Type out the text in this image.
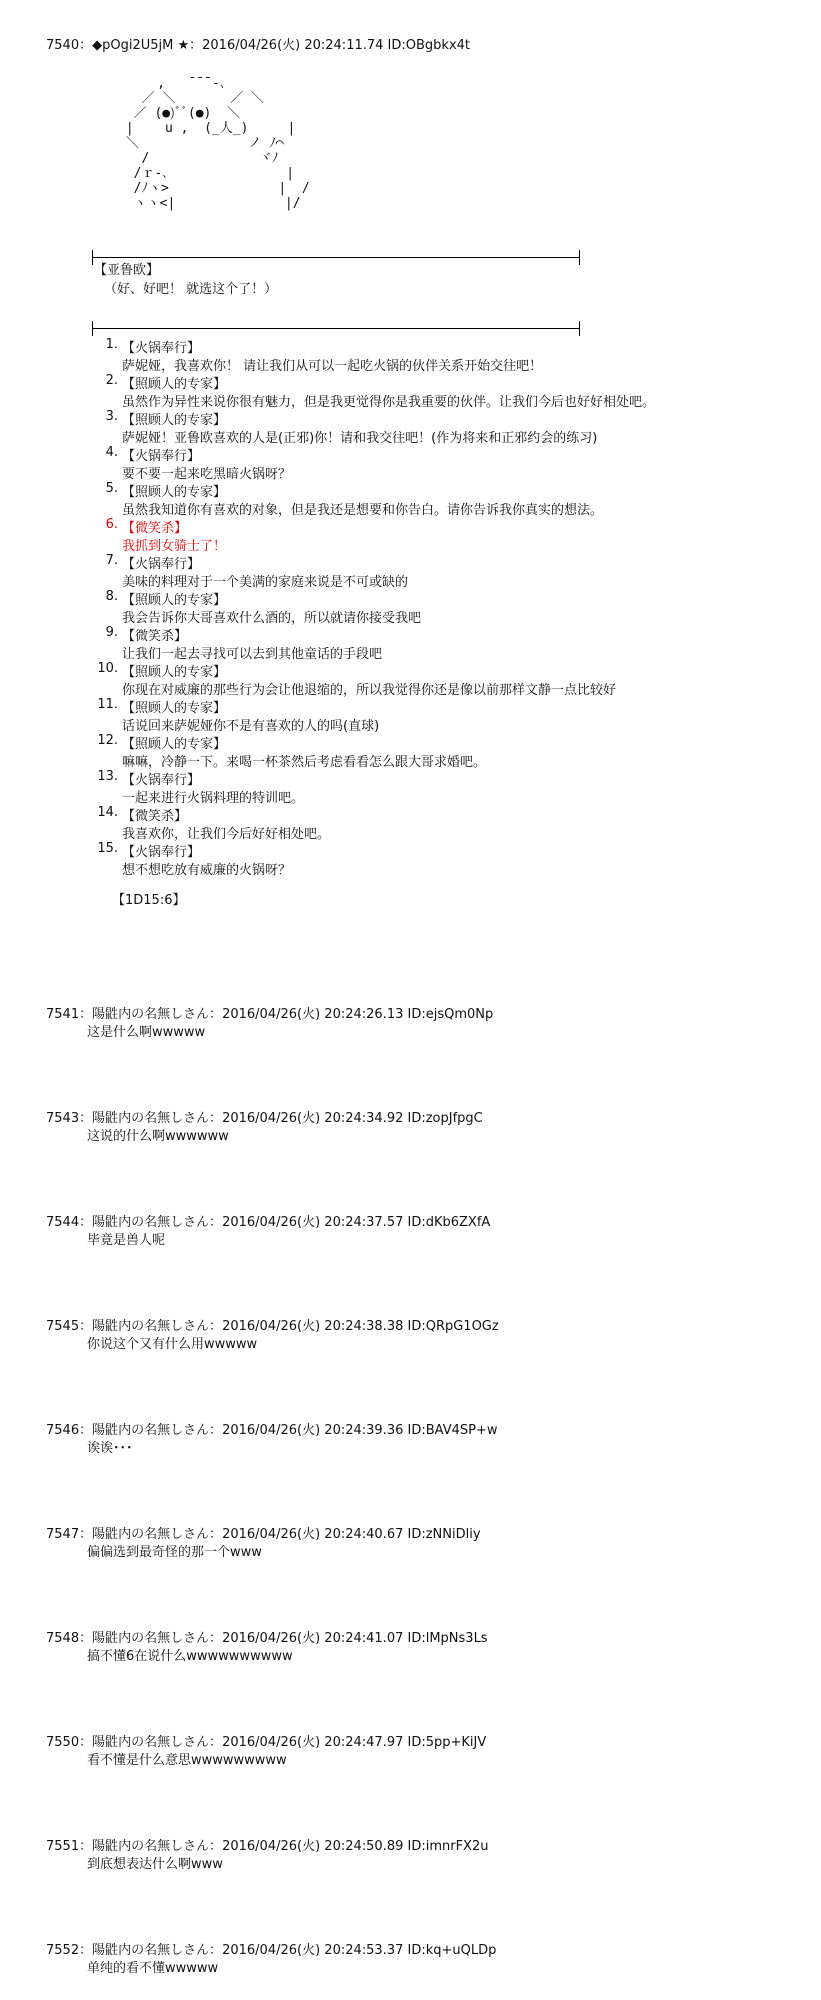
7540：◆pOgi2U5jM ★：2016/04/26(火) 20:24:11.74 ID:OBgbkx4t
,   ̄ ̄ ̄ ‐､
／ ＼       ／ ＼
／ (●)ﾞﾞ(●)  ＼
|    u ,  (_人_)     |
＼              ノ ﾉ⌒
/              ヾﾉ
/ｒ‐､               |
/ﾉヽ>              |  /
ヽヽ<|              |/
【亚鲁欧】
（好、好吧！ 就选这个了！）
1. 【火锅奉行】
萨妮娅，我喜欢你！ 请让我们从可以一起吃火锅的伙伴关系开始交往吧！
2. 【照顾人的专家】
虽然作为异性来说你很有魅力，但是我更觉得你是我重要的伙伴。让我们今后也好好相处吧。
3. 【照顾人的专家】
萨妮娅！亚鲁欧喜欢的人是(正邪)你！请和我交往吧！(作为将来和正邪约会的练习)
4. 【火锅奉行】
要不要一起来吃黑暗火锅呀？
5. 【照顾人的专家】
虽然我知道你有喜欢的对象，但是我还是想要和你告白。请你告诉我你真实的想法。
6. 【微笑杀】
我抓到女骑士了！
7. 【火锅奉行】
美味的料理对于一个美满的家庭来说是不可或缺的
8. 【照顾人的专家】
我会告诉你大哥喜欢什么酒的，所以就请你接受我吧
9. 【微笑杀】
让我们一起去寻找可以去到其他童话的手段吧
10. 【照顾人的专家】
你现在对威廉的那些行为会让他退缩的，所以我觉得你还是像以前那样文静一点比较好
11. 【照顾人的专家】
话说回来萨妮娅你不是有喜欢的人的吗(直球)
12. 【照顾人的专家】
嘛嘛，冷静一下。来喝一杯茶然后考虑看看怎么跟大哥求婚吧。
13. 【火锅奉行】
一起来进行火锅料理的特训吧。
14. 【微笑杀】
我喜欢你，让我们今后好好相处吧。
15. 【火锅奉行】
想不想吃放有威廉的火锅呀？
【1D15:6】
7541：陽鼪内の名無しさん：2016/04/26(火) 20:24:26.13 ID:ejsQm0Np
这是什么啊wwwww
7543：陽鼪内の名無しさん：2016/04/26(火) 20:24:34.92 ID:zopJfpgC
这说的什么啊wwwwww
7544：陽鼪内の名無しさん：2016/04/26(火) 20:24:37.57 ID:dKb6ZXfA
毕竟是兽人呢
7545：陽鼪内の名無しさん：2016/04/26(火) 20:24:38.38 ID:QRpG1OGz
你说这个又有什么用wwwww
7546：陽鼪内の名無しさん：2016/04/26(火) 20:24:39.36 ID:BAV4SP+w
诶诶･･･
7547：陽鼪内の名無しさん：2016/04/26(火) 20:24:40.67 ID:zNNiDliy
偏偏选到最奇怪的那一个www
7548：陽鼪内の名無しさん：2016/04/26(火) 20:24:41.07 ID:lMpNs3Ls
搞不懂6在说什么wwwwwwwwww
7550：陽鼪内の名無しさん：2016/04/26(火) 20:24:47.97 ID:5pp+KiJV
看不懂是什么意思wwwwwwwww
7551：陽鼪内の名無しさん：2016/04/26(火) 20:24:50.89 ID:imnrFX2u
到底想表达什么啊www
7552：陽鼪内の名無しさん：2016/04/26(火) 20:24:53.37 ID:kq+uQLDp
单纯的看不懂wwwww
